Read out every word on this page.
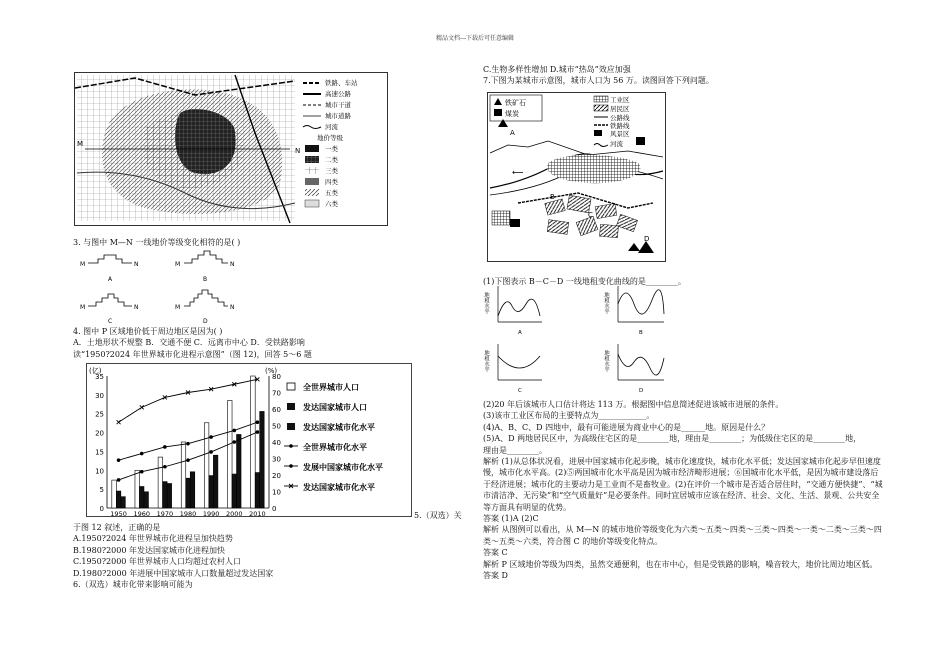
精品文档---下载后可任意编辑
M
N
铁路、车站
高速公路
城市干道
城市道路
河流
地价等级
一类
二类
三类
四类
五类
六类
3. 与图中 M—N 一线地价等级变化相符的是( )
M	N
A
M	N
B
M	N
C
M	N
D

4. 图中 P 区域地价低于周边地区是因为( )

A．土地形状不规整 B．交通不便 C．远离市中心 D．受铁路影响

读“1950?2024 年世界城市化进程示意图”（图 12)，回答 5～6 题

(亿)	(%)
35
30
25
20
15
10
5
0
80
70
60
50
40
30
20
10
0
1950 1960 1970 1980 1990 2000 2010
全世界城市人口
发达国家城市人口
发达国家城市化水平
全世界城市化水平
发展中国家城市化水平
发达国家城市化水平
5.（双选）关

于图 12 叙述，正确的是

A.1950?2024 年世界城市化进程呈加快趋势

B.1980?2000 年发达国家城市化进程加快

C.1950?2000 年世界城市人口均超过农村人口

D.1980?2000 年进展中国家城市人口数量超过发达国家

6.（双选）城市化带来影响可能为

C.生物多样性增加 D.城市“热岛”效应加强

7.下图为某城市示意图，城市人口为 56 万。读图回答下列问题。

铁矿石
煤炭
工业区
居民区
公路线
铁路线
风景区
河流
⟵
A
B
C
D
(1)下图表示 B－C－D 一线地租变化曲线的是________。
地租水平
A
地租水平
B
地租水平
C
地租水平
D

(2)20 年后该城市人口估计将达 113 万。根据图中信息简述促进该城市进展的条件。

(3)该市工业区布局的主要特点为____________。

(4)A、B、C、D 四地中，最有可能进展为商业中心的是______地。原因是什么？

(5)A、D 两地居民区中，为高级住宅区的是________地，理由是________；为低级住宅区的是________地，

理由是________。

解析 (1)从总体状况看，进展中国家城市化起步晚，城市化速度快，城市化水平低；发达国家城市化起步早但速度慢，城市化水平高。(2)⑤两国城市化水平高是因为城市经济畸形进展；⑥国城市化水平低，是因为城市建设落后于经济进展；城市化的主要动力是工业而不是畜牧业。(2)在评价一个城市是否适合居住时，“交通方便快捷”、“城市清洁净、无污染”和“空气质量好”是必要条件。同时宜居城市应该在经济、社会、文化、生活、景观、公共安全等方面具有明显的优势。

答案 (1)A (2)C

解析 从图例可以看出，从 M—N 的城市地价等级变化为六类～五类～四类～三类～四类～一类～二类～三类～四类～五类～六类，符合图 C 的地价等级变化特点。

答案 C

解析 P 区域地价等级为四类，虽然交通便利，也在市中心，但是受铁路的影响，噪音较大，地价比周边地区低。

答案 D
